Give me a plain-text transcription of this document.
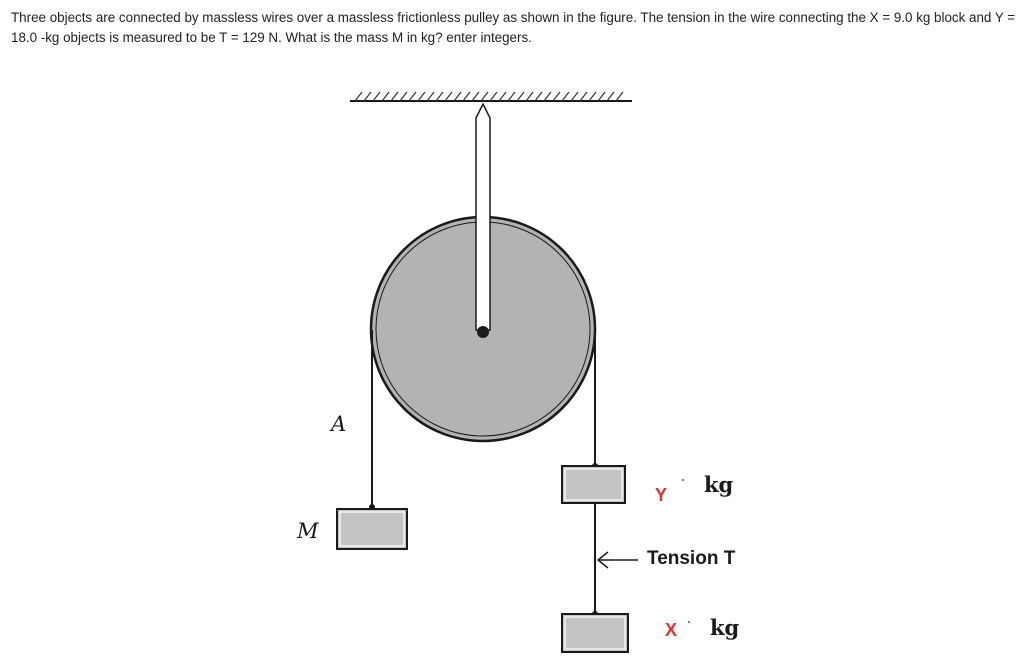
Three objects are connected by massless wires over a massless frictionless pulley as shown in the figure. The tension in the wire connecting the X = 9.0 kg block and Y = 18.0 -kg objects is measured to be T = 129 N. What is the mass M in kg? enter integers.

A
M
Y kg
Tension T
X kg
